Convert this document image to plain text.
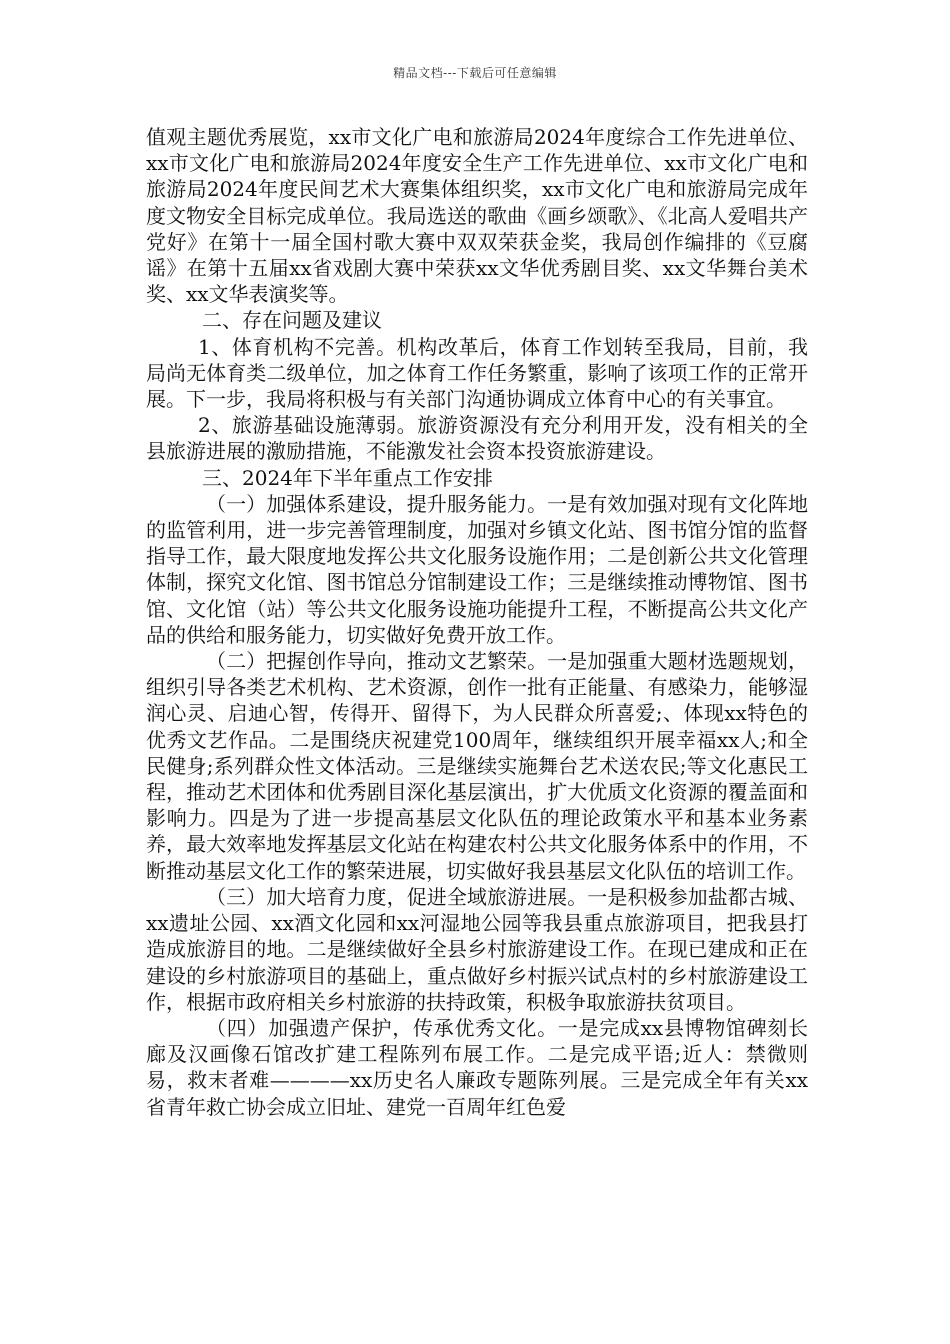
精品文档---下载后可任意编辑

值观主题优秀展览，xx市文化广电和旅游局2024年度综合工作先进单位、xx市文化广电和旅游局2024年度安全生产工作先进单位、xx市文化广电和旅游局2024年度民间艺术大赛集体组织奖，xx市文化广电和旅游局完成年度文物安全目标完成单位。我局选送的歌曲《画乡颂歌》、《北高人爱唱共产党好》在第十一届全国村歌大赛中双双荣获金奖，我局创作编排的《豆腐谣》在第十五届xx省戏剧大赛中荣获xx文华优秀剧目奖、xx文华舞台美术奖、xx文华表演奖等。

二、存在问题及建议

1、体育机构不完善。机构改革后，体育工作划转至我局，目前，我局尚无体育类二级单位，加之体育工作任务繁重，影响了该项工作的正常开展。下一步，我局将积极与有关部门沟通协调成立体育中心的有关事宜。

2、旅游基础设施薄弱。旅游资源没有充分利用开发，没有相关的全县旅游进展的激励措施，不能激发社会资本投资旅游建设。

三、2024年下半年重点工作安排

（一）加强体系建设，提升服务能力。一是有效加强对现有文化阵地的监管利用，进一步完善管理制度，加强对乡镇文化站、图书馆分馆的监督指导工作，最大限度地发挥公共文化服务设施作用；二是创新公共文化管理体制，探究文化馆、图书馆总分馆制建设工作；三是继续推动博物馆、图书馆、文化馆（站）等公共文化服务设施功能提升工程，不断提高公共文化产品的供给和服务能力，切实做好免费开放工作。

（二）把握创作导向，推动文艺繁荣。一是加强重大题材选题规划，组织引导各类艺术机构、艺术资源，创作一批有正能量、有感染力，能够湿润心灵、启迪心智，传得开、留得下，为人民群众所喜爱;、体现xx特色的优秀文艺作品。二是围绕庆祝建党100周年，继续组织开展幸福xx人;和全民健身;系列群众性文体活动。三是继续实施舞台艺术送农民;等文化惠民工程，推动艺术团体和优秀剧目深化基层演出，扩大优质文化资源的覆盖面和影响力。四是为了进一步提高基层文化队伍的理论政策水平和基本业务素养，最大效率地发挥基层文化站在构建农村公共文化服务体系中的作用，不断推动基层文化工作的繁荣进展，切实做好我县基层文化队伍的培训工作。

（三）加大培育力度，促进全域旅游进展。一是积极参加盐都古城、xx遗址公园、xx酒文化园和xx河湿地公园等我县重点旅游项目，把我县打造成旅游目的地。二是继续做好全县乡村旅游建设工作。在现已建成和正在建设的乡村旅游项目的基础上，重点做好乡村振兴试点村的乡村旅游建设工作，根据市政府相关乡村旅游的扶持政策，积极争取旅游扶贫项目。

（四）加强遗产保护，传承优秀文化。一是完成xx县博物馆碑刻长廊及汉画像石馆改扩建工程陈列布展工作。二是完成平语;近人：禁微则易，救末者难————xx历史名人廉政专题陈列展。三是完成全年有关xx省青年救亡协会成立旧址、建党一百周年红色爱
